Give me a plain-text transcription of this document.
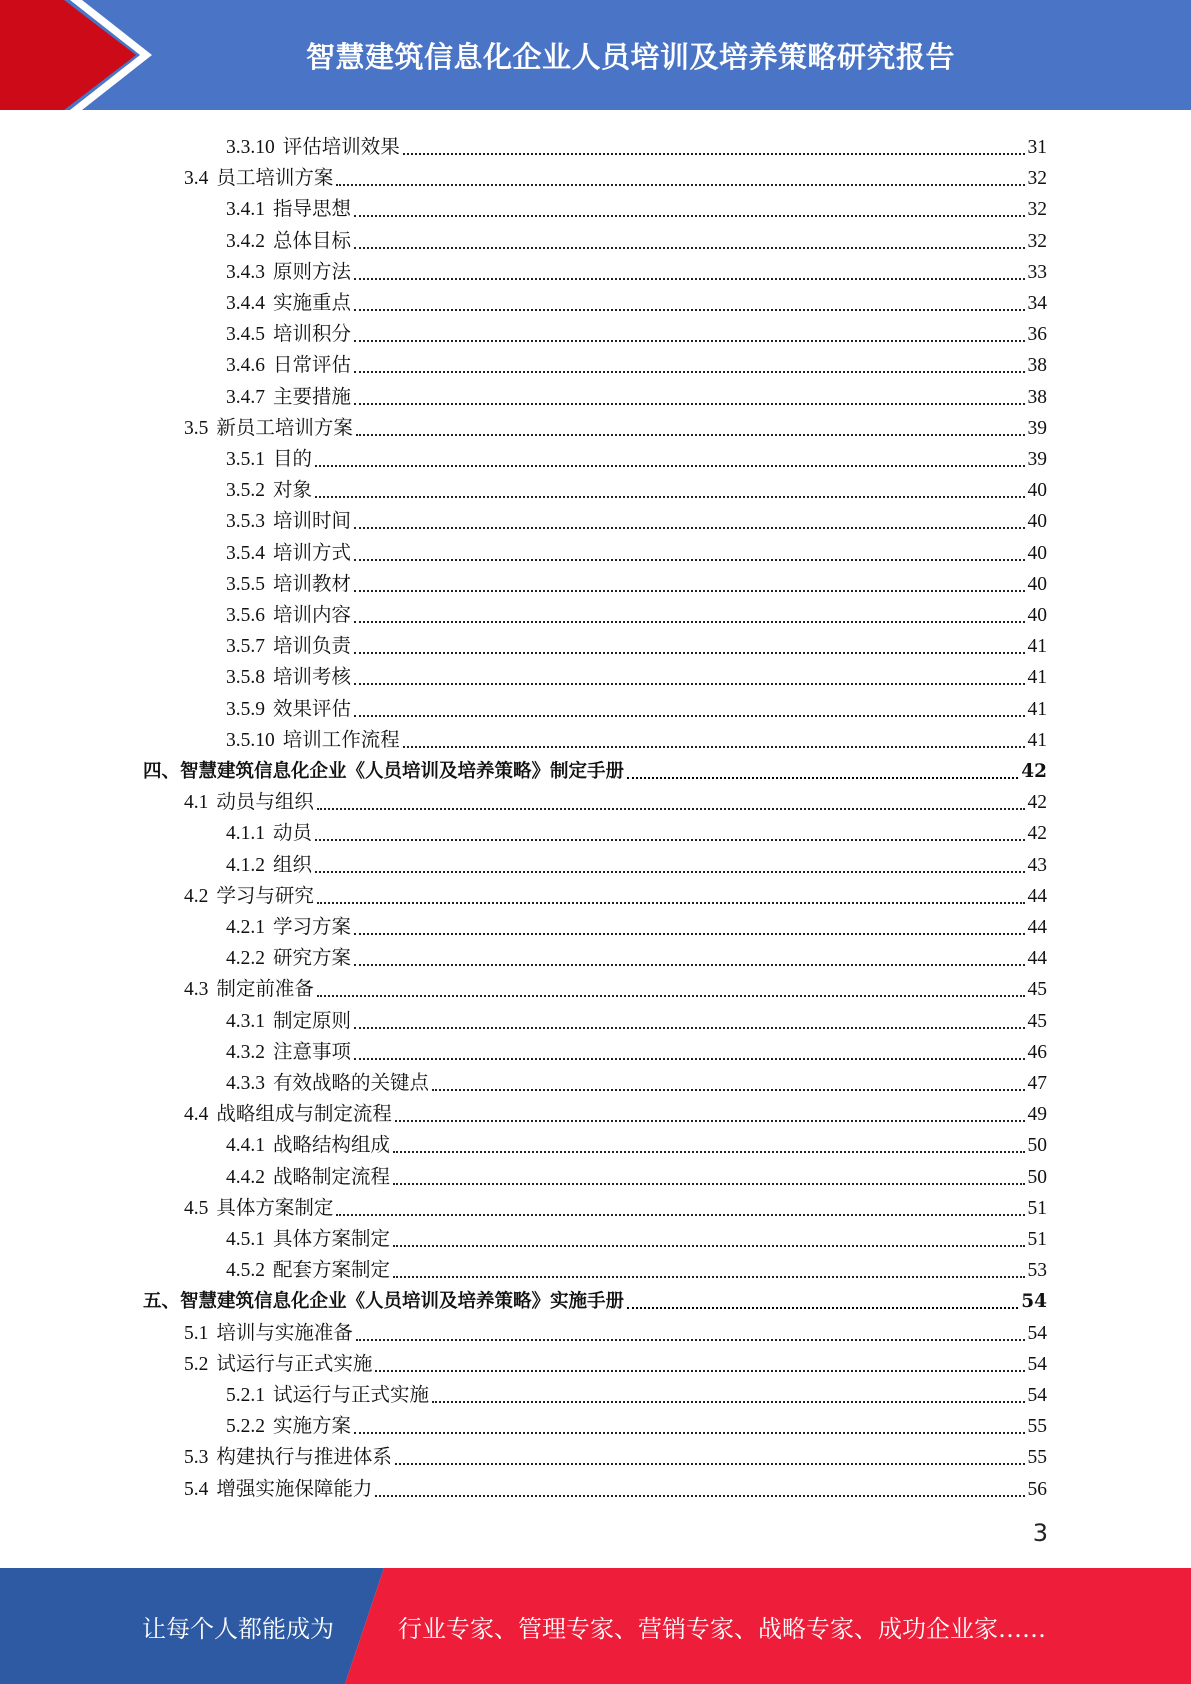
智慧建筑信息化企业人员培训及培养策略研究报告
3.3.10 评估培训效果	31
3.4 员工培训方案	32
3.4.1 指导思想	32
3.4.2 总体目标	32
3.4.3 原则方法	33
3.4.4 实施重点	34
3.4.5 培训积分	36
3.4.6 日常评估	38
3.4.7 主要措施	38
3.5 新员工培训方案	39
3.5.1 目的	39
3.5.2 对象	40
3.5.3 培训时间	40
3.5.4 培训方式	40
3.5.5 培训教材	40
3.5.6 培训内容	40
3.5.7 培训负责	41
3.5.8 培训考核	41
3.5.9 效果评估	41
3.5.10 培训工作流程	41
四、智慧建筑信息化企业《人员培训及培养策略》制定手册	42
4.1 动员与组织	42
4.1.1 动员	42
4.1.2 组织	43
4.2 学习与研究	44
4.2.1 学习方案	44
4.2.2 研究方案	44
4.3 制定前准备	45
4.3.1 制定原则	45
4.3.2 注意事项	46
4.3.3 有效战略的关键点	47
4.4 战略组成与制定流程	49
4.4.1 战略结构组成	50
4.4.2 战略制定流程	50
4.5 具体方案制定	51
4.5.1 具体方案制定	51
4.5.2 配套方案制定	53
五、智慧建筑信息化企业《人员培训及培养策略》实施手册	54
5.1 培训与实施准备	54
5.2 试运行与正式实施	54
5.2.1 试运行与正式实施	54
5.2.2 实施方案	55
5.3 构建执行与推进体系	55
5.4 增强实施保障能力	56
3
让每个人都能成为	行业专家、管理专家、营销专家、战略专家、成功企业家……
